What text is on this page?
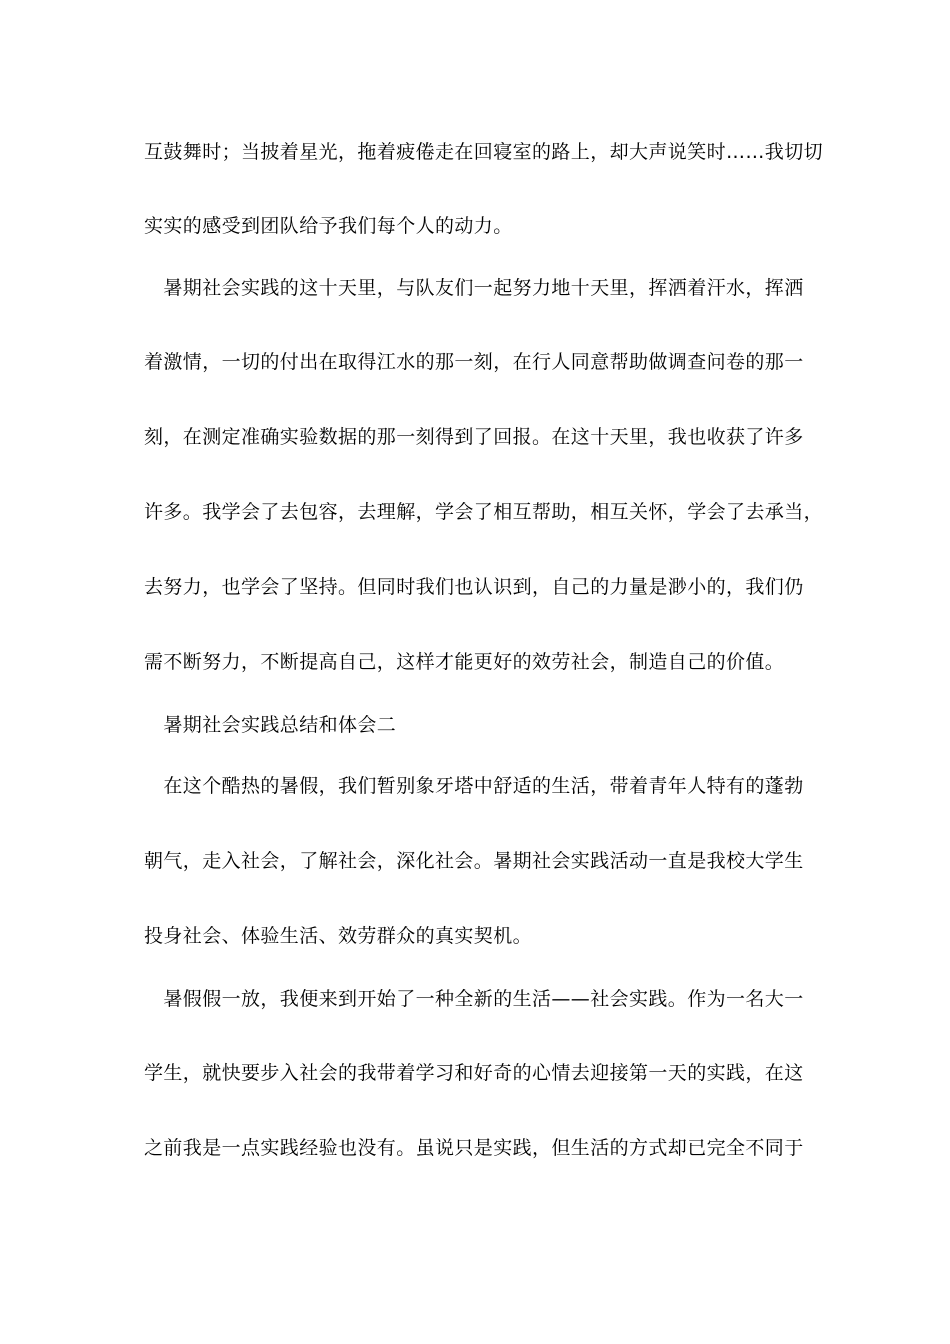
互鼓舞时；当披着星光，拖着疲倦走在回寝室的路上，却大声说笑时……我切切
实实的感受到团队给予我们每个人的动力。
　暑期社会实践的这十天里，与队友们一起努力地十天里，挥洒着汗水，挥洒
着激情，一切的付出在取得江水的那一刻，在行人同意帮助做调查问卷的那一
刻，在测定准确实验数据的那一刻得到了回报。在这十天里，我也收获了许多
许多。我学会了去包容，去理解，学会了相互帮助，相互关怀，学会了去承当，
去努力，也学会了坚持。但同时我们也认识到，自己的力量是渺小的，我们仍
需不断努力，不断提高自己，这样才能更好的效劳社会，制造自己的价值。
　暑期社会实践总结和体会二
　在这个酷热的暑假，我们暂别象牙塔中舒适的生活，带着青年人特有的蓬勃
朝气，走入社会，了解社会，深化社会。暑期社会实践活动一直是我校大学生
投身社会、体验生活、效劳群众的真实契机。
　暑假假一放，我便来到开始了一种全新的生活——社会实践。作为一名大一
学生，就快要步入社会的我带着学习和好奇的心情去迎接第一天的实践，在这
之前我是一点实践经验也没有。虽说只是实践，但生活的方式却已完全不同于
